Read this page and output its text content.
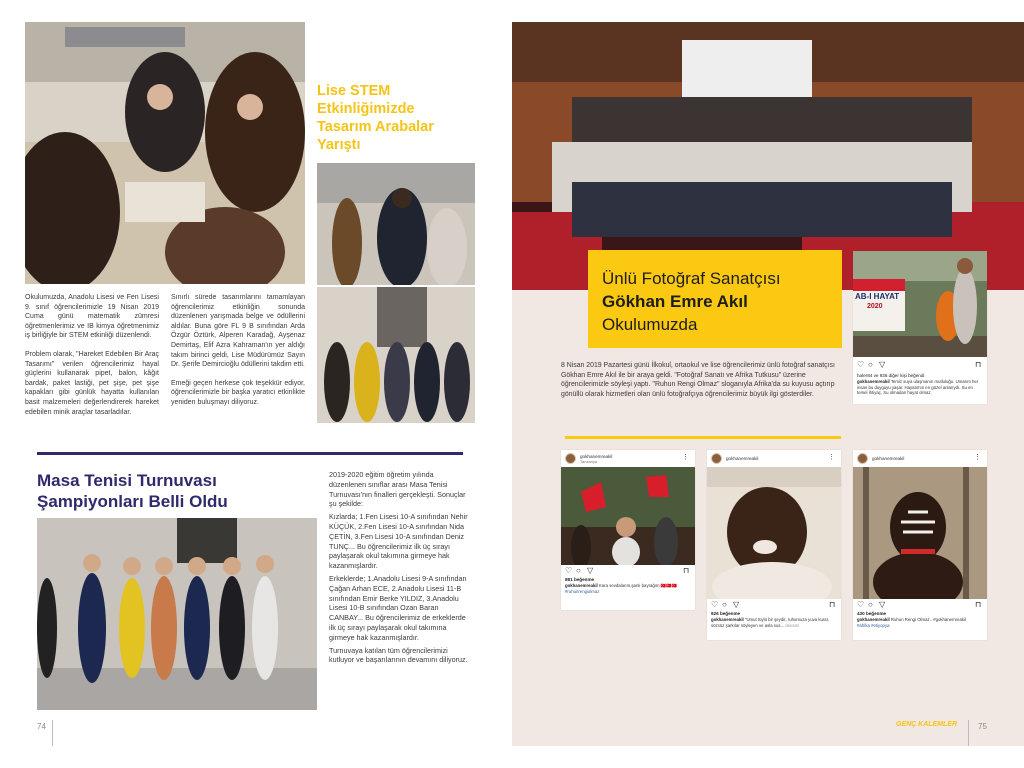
Lise STEM
Etkinliğimizde
Tasarım Arabalar
Yarıştı

Okulumuzda, Anadolu Lisesi ve Fen Lisesi 9. sınıf öğrencilerimizle 19 Nisan 2019 Cuma günü matematik zümresi öğretmenlerimiz ve IB kimya öğretmenimiz iş birliğiyle bir STEM etkinliği düzenlendi.

Problem olarak, "Hareket Edebilen Bir Araç Tasarımı" verilen öğrencilerimiz hayal güçlerini kullanarak pipet, balon, kâğıt bardak, paket lastiği, pet şişe, pet şişe kapakları gibi günlük hayatta kullanılan basit malzemeleri değerlendirerek hareket edebilen minik araçlar tasarladılar.

Sınırlı sürede tasarımlarını tamamlayan öğrencilerimiz etkinliğin sonunda düzenlenen yarışmada belge ve ödüllerini aldılar. Buna göre FL 9 B sınıfından Arda Özgür Öztürk, Alperen Karadağ, Ayşenaz Demirtaş, Elif Azra Kahraman'ın yer aldığı takım birinci geldi, Lise Müdürümüz Sayın Dr. Şerife Demircioğlu ödüllerini takdim etti.

Emeği geçen herkese çok teşekkür ediyor, öğrencilerimizle bir başka yaratıcı etkinlikte yeniden buluşmayı diliyoruz.

Masa Tenisi Turnuvası
Şampiyonları Belli Oldu

2019-2020 eğitim öğretim yılında düzenlenen sınıflar arası Masa Tenisi Turnuvası'nın finalleri gerçekleşti. Sonuçlar şu şekilde:

Kızlarda; 1.Fen Lisesi 10-A sınıfından Nehir KÜÇÜK, 2.Fen Lisesi 10-A sınıfından Nida ÇETİN, 3.Fen Lisesi 10-A sınıfından Deniz TUNÇ... Bu öğrencilerimiz ilk üç sırayı paylaşarak okul takımına girmeye hak kazanmışlardır.

Erkeklerde; 1.Anadolu Lisesi 9-A sınıfından Çağan Arhan ECE, 2.Anadolu Lisesi 11-B sınıfından Emir Berke YILDIZ, 3.Anadolu Lisesi 10-B sınıfından Ozan Baran CANBAY... Bu öğrencilerimiz de erkeklerde ilk üç sırayı paylaşarak okul takımına girmeye hak kazanmışlardır.

Turnuvaya katılan tüm öğrencilerimizi kutluyor ve başarılarının devamını diliyoruz.

74
Ünlü Fotoğraf Sanatçısı
Gökhan Emre Akıl
Okulumuzda
AB-I HAYAT
2020
♡ ○ ▽	⊓
haler84 ve 936 diğer kişi beğendi
gokhanemreakil Temiz suya ulaşmanın mutluluğu. Umarım her insan bu duyguyu yaşar. Hayatımın en güzel anlarıydı. Su en temel ihtiyaç. Su olmadan hayat olmaz.
8 Nisan 2019 Pazartesi günü İlkokul, ortaokul ve lise öğrencilerimiz ünlü fotoğraf sanatçısı Gökhan Emre Akıl ile bir araya geldi. "Fotoğraf Sanatı ve Afrika Tutkusu" üzerine öğrencilerimizle söyleşi yaptı. "Ruhun Rengi Olmaz" sloganıyla Afrika'da su kuyusu açtırıp gönüllü olarak hizmetleri olan ünlü fotoğrafçıya öğrencilerimiz büyük ilgi gösterdiler.
gokhanemreakil
Tanzanya	⋮
♡ ○ ▽	⊓
881 beğenme
gokhanemreakil Kara sevdalarım,şanlı bayrağım 🇹🇷🇹🇷🇹🇷
#ruhunrengiolmaz
gokhanemreakil	⋮
♡ ○ ▽	⊓
926 beğenme
gokhanemreakil "Umut tüylü bir şeydir, ruhumuza yuva kurar, sözsüz şarkılar söyleyen ve asla sus... devamı
gokhanemreakil	⋮
♡ ○ ▽	⊓
430 beğenme
gokhanemreakil Ruhun Rengi Olmaz.. #gokhanemreakil
#afrika #etiyopya
GENÇ KALEMLER	75
